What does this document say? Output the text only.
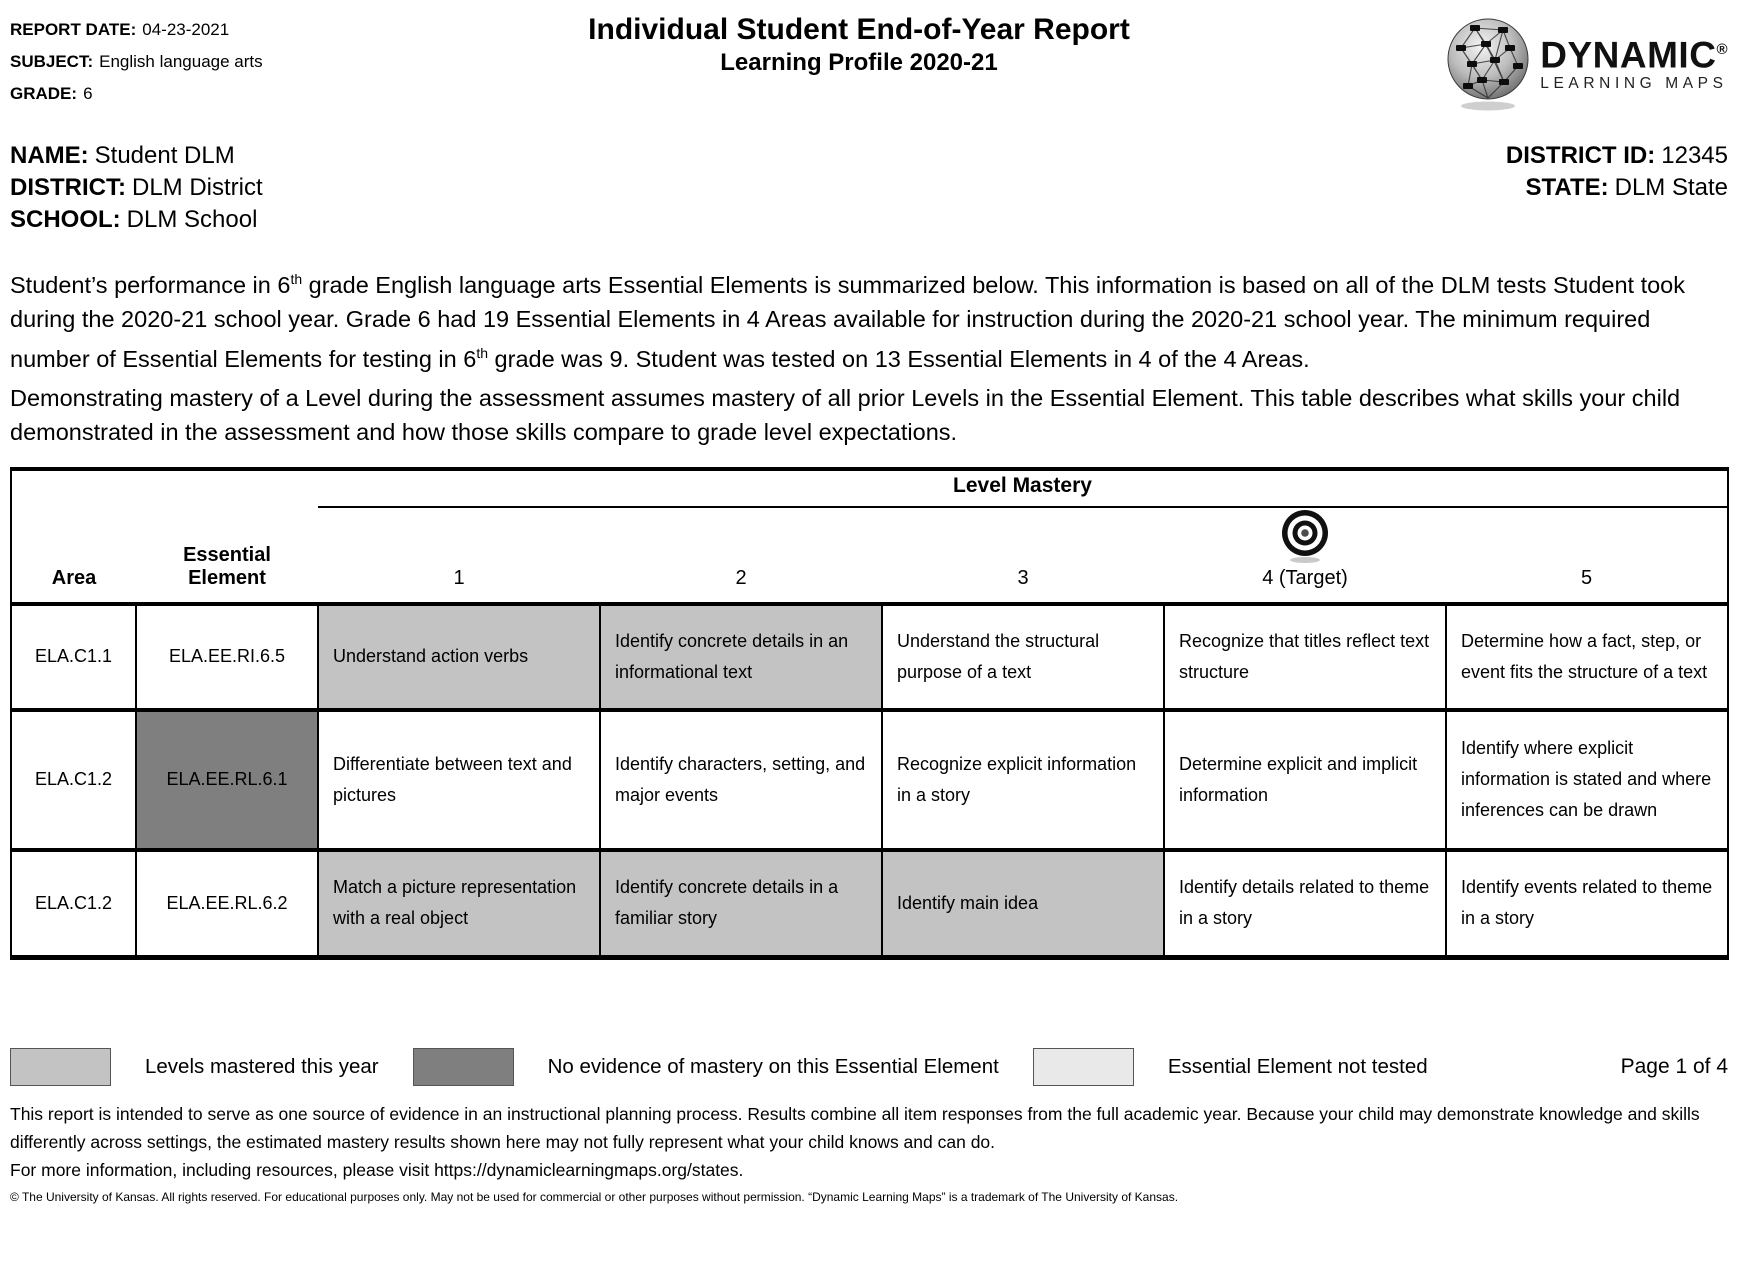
REPORT DATE: 04-23-2021
SUBJECT: English language arts
GRADE: 6
Individual Student End-of-Year Report
Learning Profile 2020-21	DYNAMIC®
LEARNING MAPS
NAME: Student DLM
DISTRICT: DLM District
SCHOOL: DLM School
DISTRICT ID: 12345
STATE: DLM State

Student’s performance in 6th grade English language arts Essential Elements is summarized below. This information is based on all of the DLM tests Student took during the 2020-21 school year. Grade 6 had 19 Essential Elements in 4 Areas available for instruction during the 2020-21 school year. The minimum required number of Essential Elements for testing in 6th grade was 9. Student was tested on 13 Essential Elements in 4 of the 4 Areas.

Demonstrating mastery of a Level during the assessment assumes mastery of all prior Levels in the Essential Element. This table describes what skills your child demonstrated in the assessment and how those skills compare to grade level expectations.

		Level Mastery				
Area	Essential Element	1	2	3	4 (Target)	5
ELA.C1.1	ELA.EE.RI.6.5	Understand action verbs	Identify concrete details in an informational text	Understand the structural purpose of a text	Recognize that titles reflect text structure	Determine how a fact, step, or event fits the structure of a text
ELA.C1.2	ELA.EE.RL.6.1	Differentiate between text and pictures	Identify characters, setting, and major events	Recognize explicit information in a story	Determine explicit and implicit information	Identify where explicit information is stated and where inferences can be drawn
ELA.C1.2	ELA.EE.RL.6.2	Match a picture representation with a real object	Identify concrete details in a familiar story	Identify main idea	Identify details related to theme in a story	Identify events related to theme in a story
Levels mastered this year	No evidence of mastery on this Essential Element	Essential Element not tested	Page 1 of 4

This report is intended to serve as one source of evidence in an instructional planning process. Results combine all item responses from the full academic year. Because your child may demonstrate knowledge and skills differently across settings, the estimated mastery results shown here may not fully represent what your child knows and can do.

For more information, including resources, please visit https://dynamiclearningmaps.org/states.

© The University of Kansas. All rights reserved. For educational purposes only. May not be used for commercial or other purposes without permission. “Dynamic Learning Maps” is a trademark of The University of Kansas.
